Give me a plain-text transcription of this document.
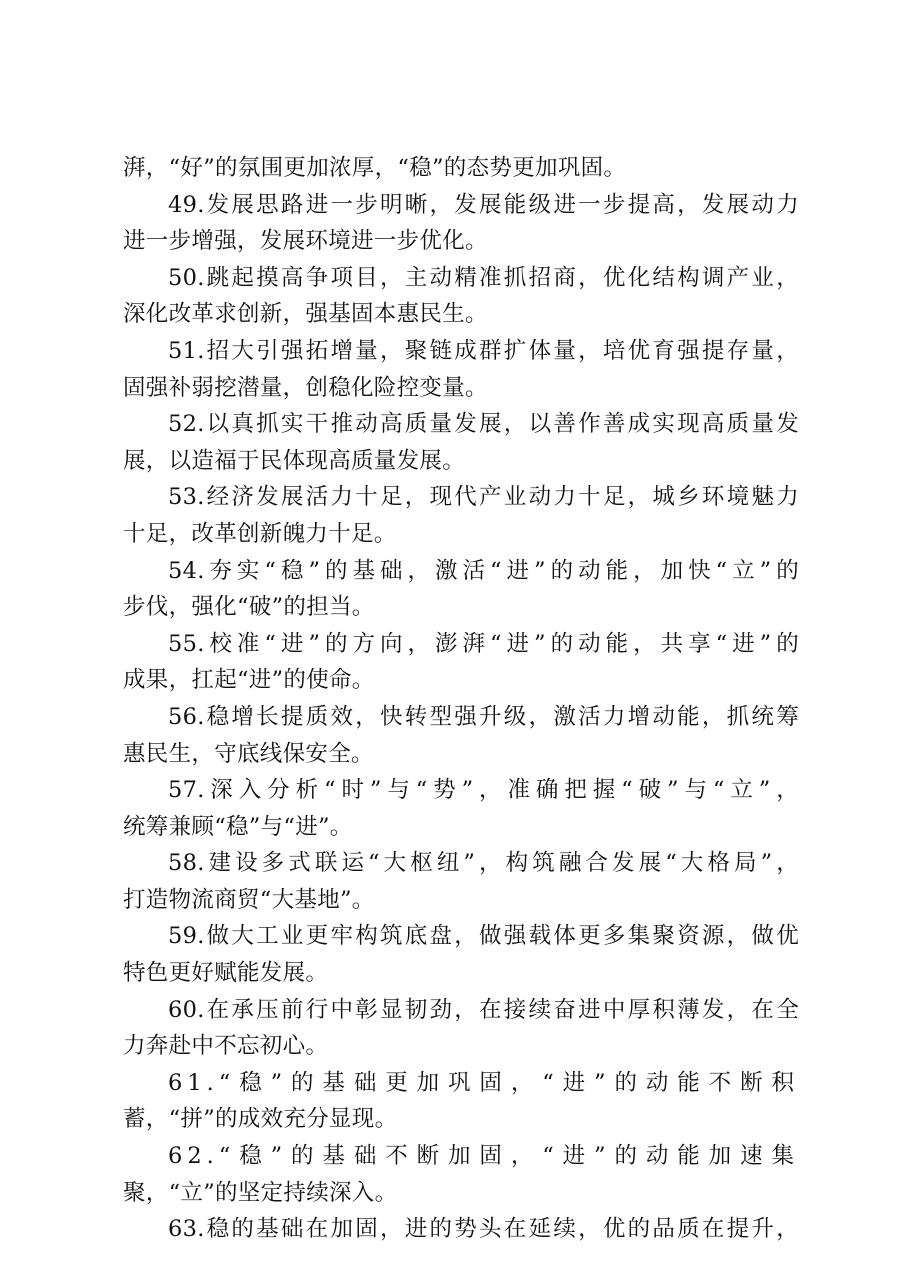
湃，“好”的氛围更加浓厚，“稳”的态势更加巩固。
49.发展思路进一步明晰，发展能级进一步提高，发展动力
进一步增强，发展环境进一步优化。
50.跳起摸高争项目，主动精准抓招商，优化结构调产业，
深化改革求创新，强基固本惠民生。
51.招大引强拓增量，聚链成群扩体量，培优育强提存量，
固强补弱挖潜量，创稳化险控变量。
52.以真抓实干推动高质量发展，以善作善成实现高质量发
展，以造福于民体现高质量发展。
53.经济发展活力十足，现代产业动力十足，城乡环境魅力
十足，改革创新魄力十足。
54.夯实“稳”的基础，激活“进”的动能，加快“立”的
步伐，强化“破”的担当。
55.校准“进”的方向，澎湃“进”的动能，共享“进”的
成果，扛起“进”的使命。
56.稳增长提质效，快转型强升级，激活力增动能，抓统筹
惠民生，守底线保安全。
57.深入分析“时”与“势”，准确把握“破”与“立”，
统筹兼顾“稳”与“进”。
58.建设多式联运“大枢纽”，构筑融合发展“大格局”，
打造物流商贸“大基地”。
59.做大工业更牢构筑底盘，做强载体更多集聚资源，做优
特色更好赋能发展。
60.在承压前行中彰显韧劲，在接续奋进中厚积薄发，在全
力奔赴中不忘初心。
61.“稳”的基础更加巩固，“进”的动能不断积
蓄，“拼”的成效充分显现。
62.“稳”的基础不断加固，“进”的动能加速集
聚，“立”的坚定持续深入。
63.稳的基础在加固，进的势头在延续，优的品质在提升，
